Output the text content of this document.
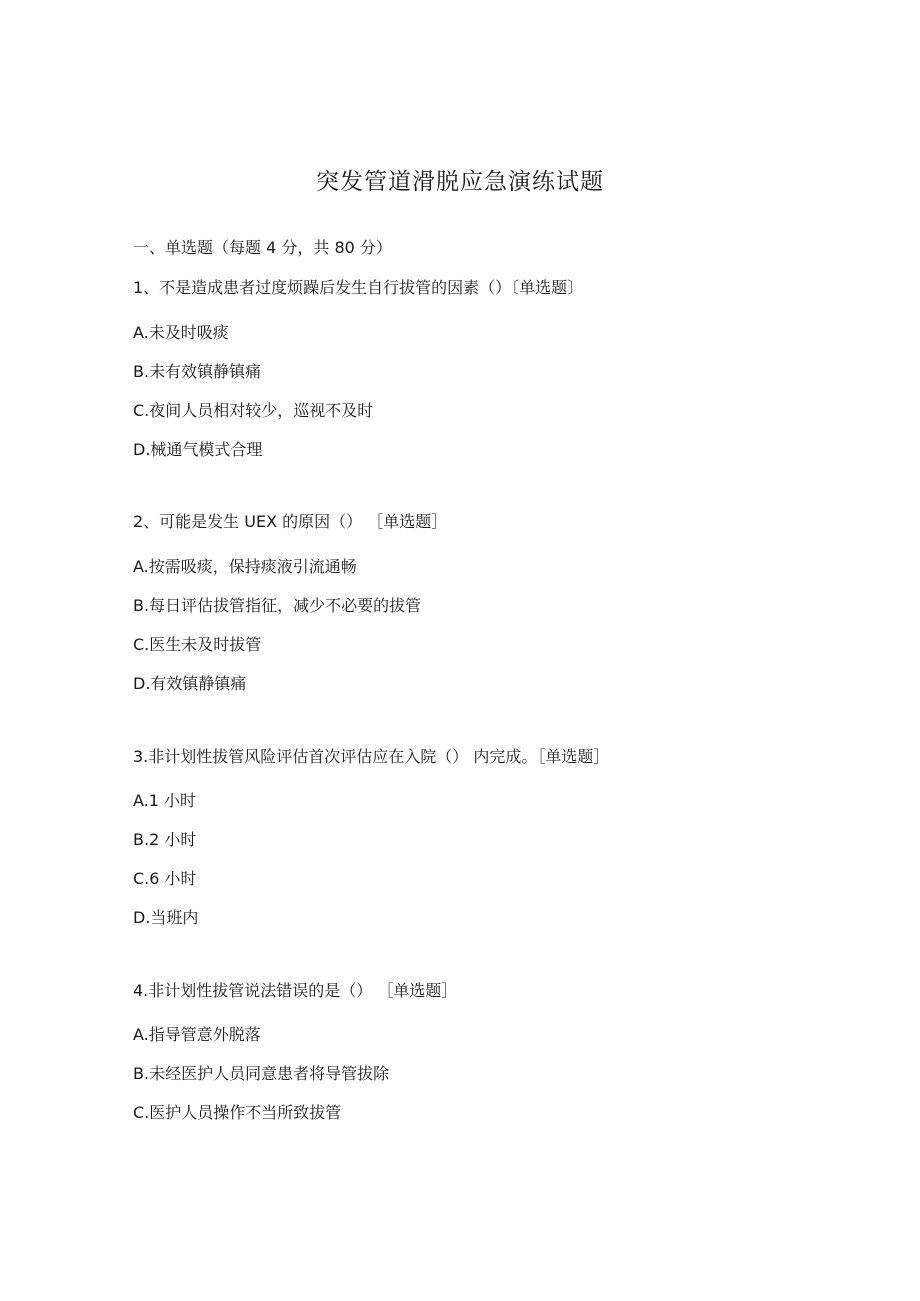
突发管道滑脱应急演练试题
一、单选题（每题 4 分，共 80 分）
1、不是造成患者过度烦躁后发生自行拔管的因素（）〔单选题〕
A.未及时吸痰
B.未有效镇静镇痛
C.夜间人员相对较少，巡视不及时
D.械通气模式合理
2、可能是发生 UEX 的原因（） ［单选题］
A.按需吸痰，保持痰液引流通畅
B.每日评估拔管指征，减少不必要的拔管
C.医生未及时拔管
D.有效镇静镇痛
3.非计划性拔管风险评估首次评估应在入院（） 内完成。［单选题］
A.1 小时
B.2 小时
C.6 小时
D.当班内
4.非计划性拔管说法错误的是（） ［单选题］
A.指导管意外脱落
B.未经医护人员同意患者将导管拔除
C.医护人员操作不当所致拔管
